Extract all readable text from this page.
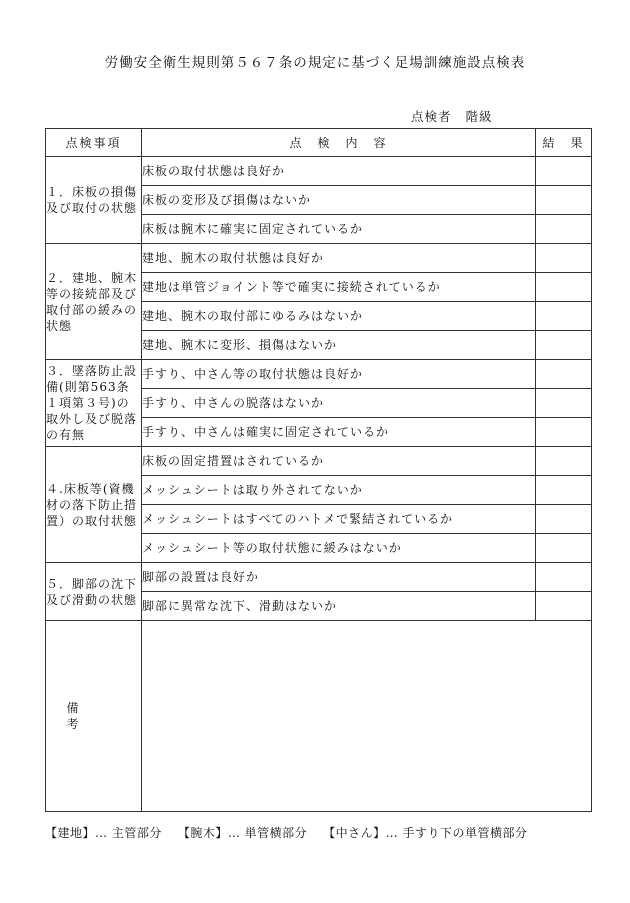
労働安全衛生規則第５６７条の規定に基づく足場訓練施設点検表
点検者 階級
点検事項	点　検　内　容	結　果
１．床板の損傷及び取付の状態	床板の取付状態は良好か	
	床板の変形及び損傷はないか	
	床板は腕木に確実に固定されているか	
２．建地、腕木等の接続部及び取付部の緩みの状態	建地、腕木の取付状態は良好か	
	建地は単管ジョイント等で確実に接続されているか	
	建地、腕木の取付部にゆるみはないか	
	建地、腕木に変形、損傷はないか	
３．墜落防止設備(則第563条１項第３号)の取外し及び脱落の有無	手すり、中さん等の取付状態は良好か	
	手すり、中さんの脱落はないか	
	手すり、中さんは確実に固定されているか	
４.床板等(資機材の落下防止措置）の取付状態	床板の固定措置はされているか	
	メッシュシートは取り外されてないか	
	メッシュシートはすべてのハトメで緊結されているか	
	メッシュシート等の取付状態に緩みはないか	
５．脚部の沈下及び滑動の状態	脚部の設置は良好か	
	脚部に異常な沈下、滑動はないか	
備考		
【建地】… 主管部分 【腕木】… 単管横部分 【中さん】… 手すり下の単管横部分
